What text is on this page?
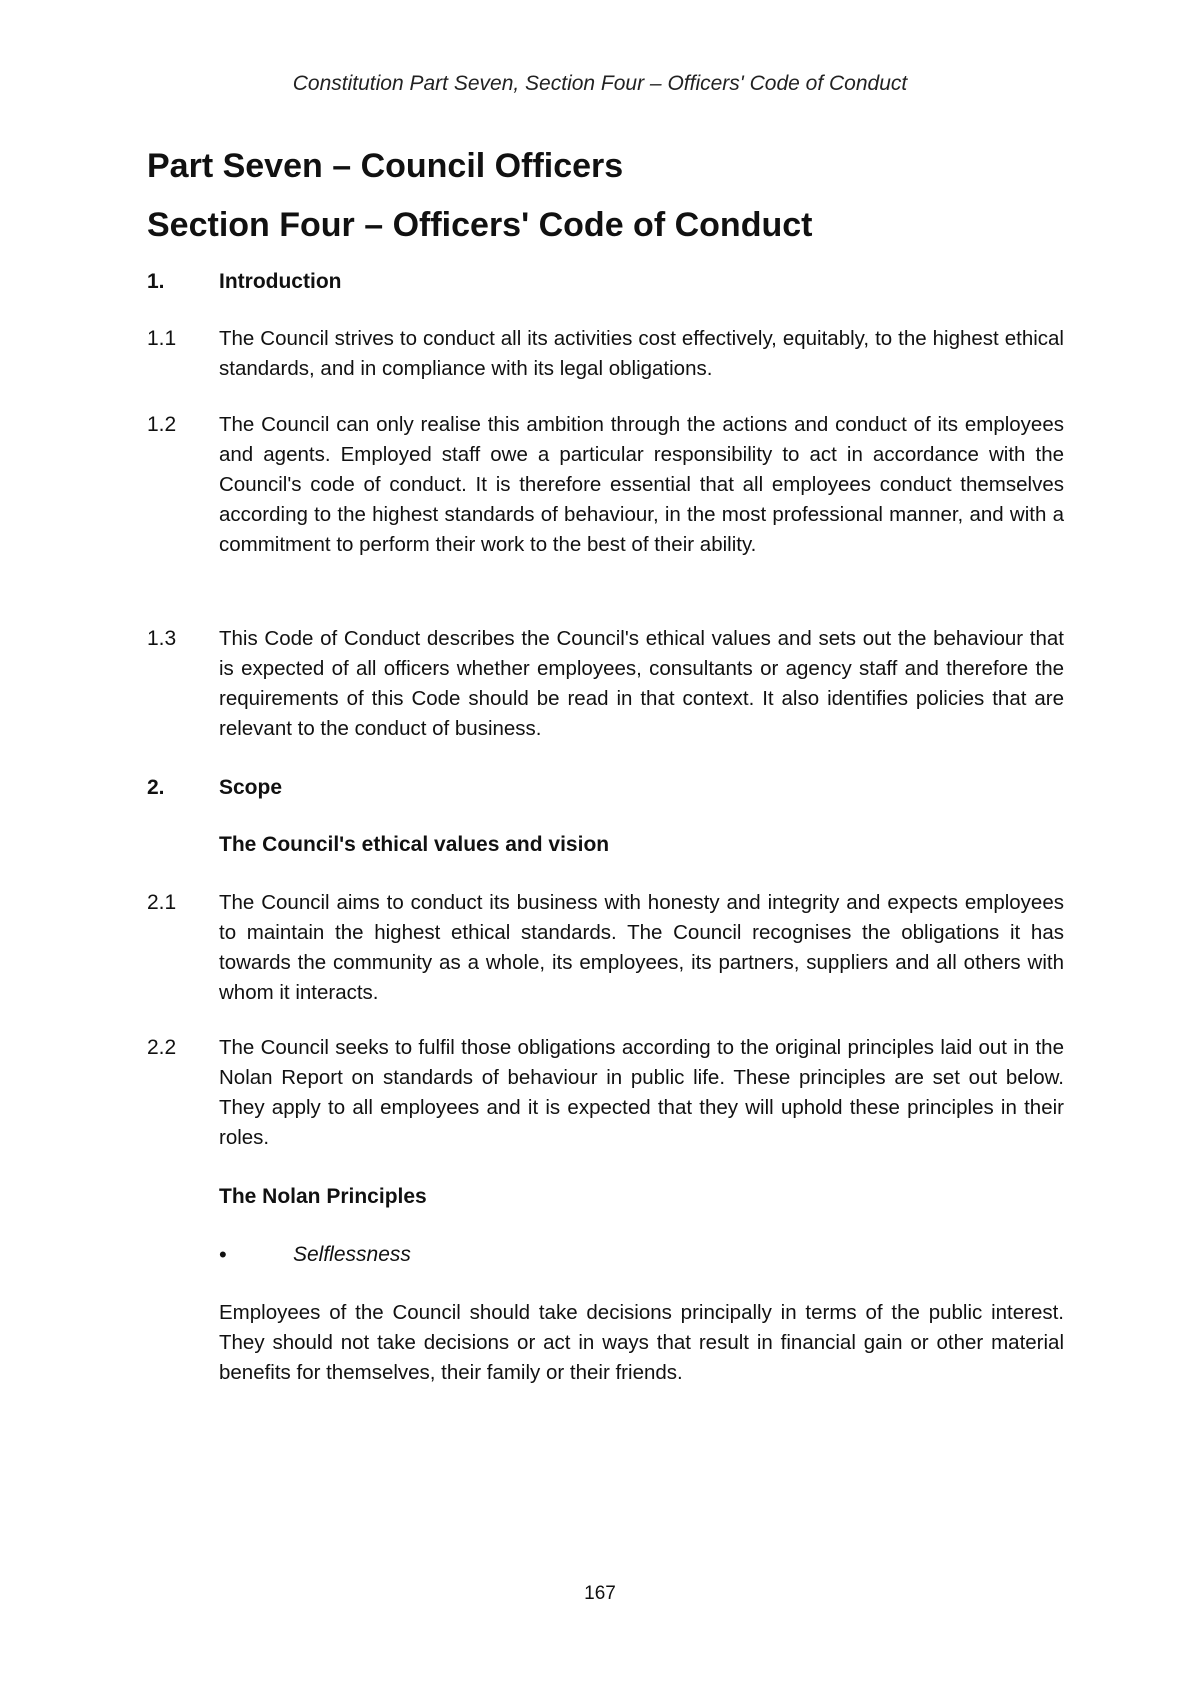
Constitution Part Seven, Section Four – Officers' Code of Conduct
Part Seven – Council Officers
Section Four – Officers' Code of Conduct
1.	Introduction
1.1 The Council strives to conduct all its activities cost effectively, equitably, to the highest ethical standards, and in compliance with its legal obligations.
1.2 The Council can only realise this ambition through the actions and conduct of its employees and agents. Employed staff owe a particular responsibility to act in accordance with the Council's code of conduct. It is therefore essential that all employees conduct themselves according to the highest standards of behaviour, in the most professional manner, and with a commitment to perform their work to the best of their ability.
1.3 This Code of Conduct describes the Council's ethical values and sets out the behaviour that is expected of all officers whether employees, consultants or agency staff and therefore the requirements of this Code should be read in that context. It also identifies policies that are relevant to the conduct of business.
2.	Scope
The Council's ethical values and vision
2.1 The Council aims to conduct its business with honesty and integrity and expects employees to maintain the highest ethical standards. The Council recognises the obligations it has towards the community as a whole, its employees, its partners, suppliers and all others with whom it interacts.
2.2 The Council seeks to fulfil those obligations according to the original principles laid out in the Nolan Report on standards of behaviour in public life. These principles are set out below. They apply to all employees and it is expected that they will uphold these principles in their roles.
The Nolan Principles
•	Selflessness
Employees of the Council should take decisions principally in terms of the public interest. They should not take decisions or act in ways that result in financial gain or other material benefits for themselves, their family or their friends.
167
